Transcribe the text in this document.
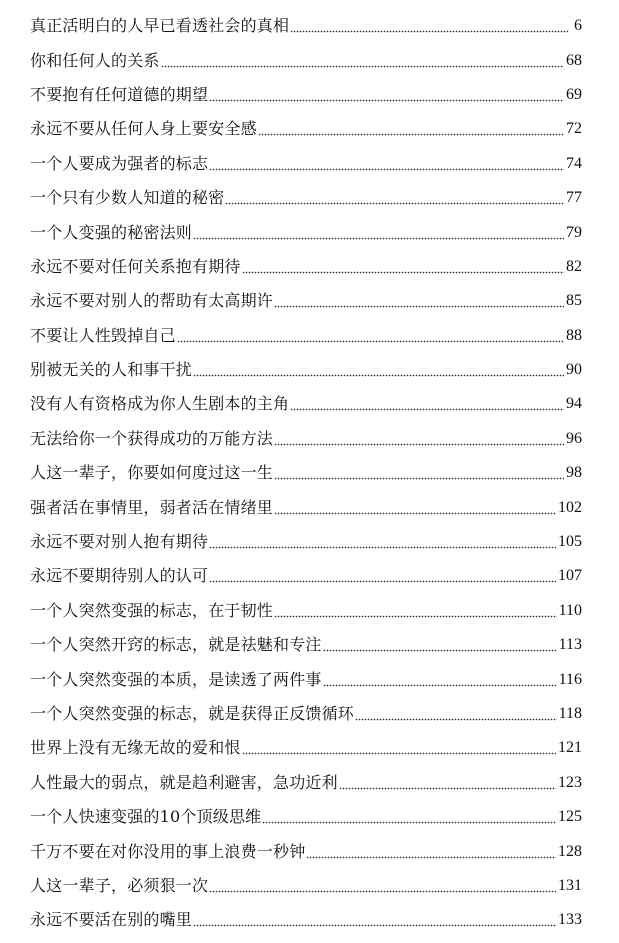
真正活明白的人早已看透社会的真相	6
你和任何人的关系	68
不要抱有任何道德的期望	69
永远不要从任何人身上要安全感	72
一个人要成为强者的标志	74
一个只有少数人知道的秘密	77
一个人变强的秘密法则	79
永远不要对任何关系抱有期待	82
永远不要对别人的帮助有太高期许	85
不要让人性毁掉自己	88
别被无关的人和事干扰	90
没有人有资格成为你人生剧本的主角	94
无法给你一个获得成功的万能方法	96
人这一辈子，你要如何度过这一生	98
强者活在事情里，弱者活在情绪里	102
永远不要对别人抱有期待	105
永远不要期待别人的认可	107
一个人突然变强的标志，在于韧性	110
一个人突然开窍的标志，就是祛魅和专注	113
一个人突然变强的本质，是读透了两件事	116
一个人突然变强的标志，就是获得正反馈循环	118
世界上没有无缘无故的爱和恨	121
人性最大的弱点，就是趋利避害，急功近利	123
一个人快速变强的10个顶级思维	125
千万不要在对你没用的事上浪费一秒钟	128
人这一辈子，必须狠一次	131
永远不要活在别的嘴里	133
